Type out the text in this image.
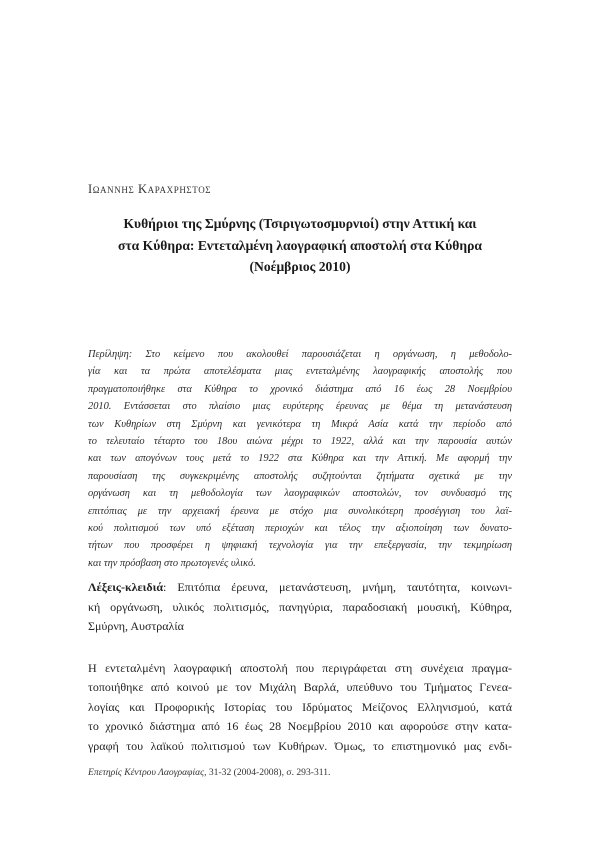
Ιωαννης Καραχρηστος
Κυθήριοι της Σμύρνης (Τσιριγωτοσμυρνιοί) στην Αττική και
στα Κύθηρα: Εντεταλμένη λαογραφική αποστολή στα Κύθηρα
(Νοέμβριος 2010)
Περίληψη: Στο κείμενο που ακολουθεί παρουσιάζεται η οργάνωση, η μεθοδολο-
γία και τα πρώτα αποτελέσματα μιας εντεταλμένης λαογραφικής αποστολής που
πραγματοποιήθηκε στα Κύθηρα το χρονικό διάστημα από 16 έως 28 Νοεμβρίου
2010. Εντάσσεται στο πλαίσιο μιας ευρύτερης έρευνας με θέμα τη μετανάστευση
των Κυθηρίων στη Σμύρνη και γενικότερα τη Μικρά Ασία κατά την περίοδο από
το τελευταίο τέταρτο του 18ου αιώνα μέχρι το 1922, αλλά και την παρουσία αυτών
και των απογόνων τους μετά το 1922 στα Κύθηρα και την Αττική. Με αφορμή την
παρουσίαση της συγκεκριμένης αποστολής συζητούνται ζητήματα σχετικά με την
οργάνωση και τη μεθοδολογία των λαογραφικών αποστολών, τον συνδυασμό της
επιτόπιας με την αρχειακή έρευνα με στόχο μια συνολικότερη προσέγγιση του λαϊ-
κού πολιτισμού των υπό εξέταση περιοχών και τέλος την αξιοποίηση των δυνατο-
τήτων που προσφέρει η ψηφιακή τεχνολογία για την επεξεργασία, την τεκμηρίωση
και την πρόσβαση στο πρωτογενές υλικό.
Λέξεις-κλειδιά: Επιτόπια έρευνα, μετανάστευση, μνήμη, ταυτότητα, κοινωνι-
κή οργάνωση, υλικός πολιτισμός, πανηγύρια, παραδοσιακή μουσική, Κύθηρα,
Σμύρνη, Αυστραλία
Η εντεταλμένη λαογραφική αποστολή που περιγράφεται στη συνέχεια πραγμα-
τοποιήθηκε από κοινού με τον Μιχάλη Βαρλά, υπεύθυνο του Τμήματος Γενεα-
λογίας και Προφορικής Ιστορίας του Ιδρύματος Μείζονος Ελληνισμού, κατά
το χρονικό διάστημα από 16 έως 28 Νοεμβρίου 2010 και αφορούσε στην κατα-
γραφή του λαϊκού πολιτισμού των Κυθήρων. Όμως, το επιστημονικό μας ενδι-
Επετηρίς Κέντρου Λαογραφίας, 31-32 (2004-2008), σ. 293-311.
